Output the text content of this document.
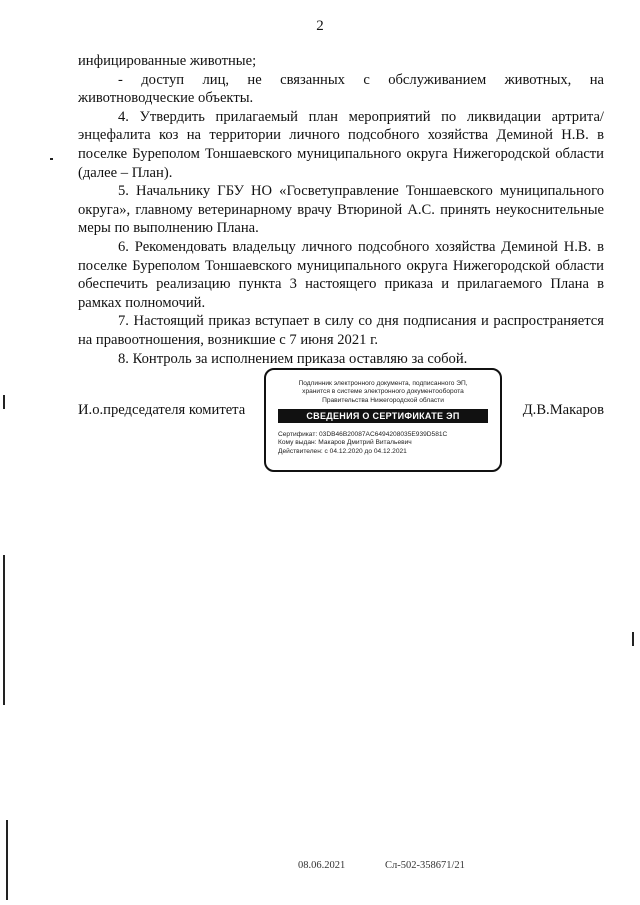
2

инфицированные животные;

- доступ лиц, не связанных с обслуживанием животных, на животноводческие объекты.

4. Утвердить прилагаемый план мероприятий по ликвидации артрита/энцефалита коз на территории личного подсобного хозяйства Деминой Н.В. в поселке Буреполом Тоншаевского муниципального округа Нижегородской области (далее – План).

5. Начальнику ГБУ НО «Госветуправление Тоншаевского муниципального округа», главному ветеринарному врачу Втюриной А.С. принять неукоснительные меры по выполнению Плана.

6. Рекомендовать владельцу личного подсобного хозяйства Деминой Н.В. в поселке Буреполом Тоншаевского муниципального округа Нижегородской области обеспечить реализацию пункта 3 настоящего приказа и прилагаемого Плана в рамках полномочий.

7. Настоящий приказ вступает в силу со дня подписания и распространяется на правоотношения, возникшие с 7 июня 2021 г.

8. Контроль за исполнением приказа оставляю за собой.

И.о.председателя комитета
Подлинник электронного документа, подписанного ЭП,
хранится в системе электронного документооборота
Правительства Нижегородской области
СВЕДЕНИЯ О СЕРТИФИКАТЕ ЭП
Сертификат: 03DB46B20087AC6494208035E939D581C
Кому выдан: Макаров Дмитрий Витальевич
Действителен: с 04.12.2020 до 04.12.2021
Д.В.Макаров
08.06.2021	Сл-502-358671/21
